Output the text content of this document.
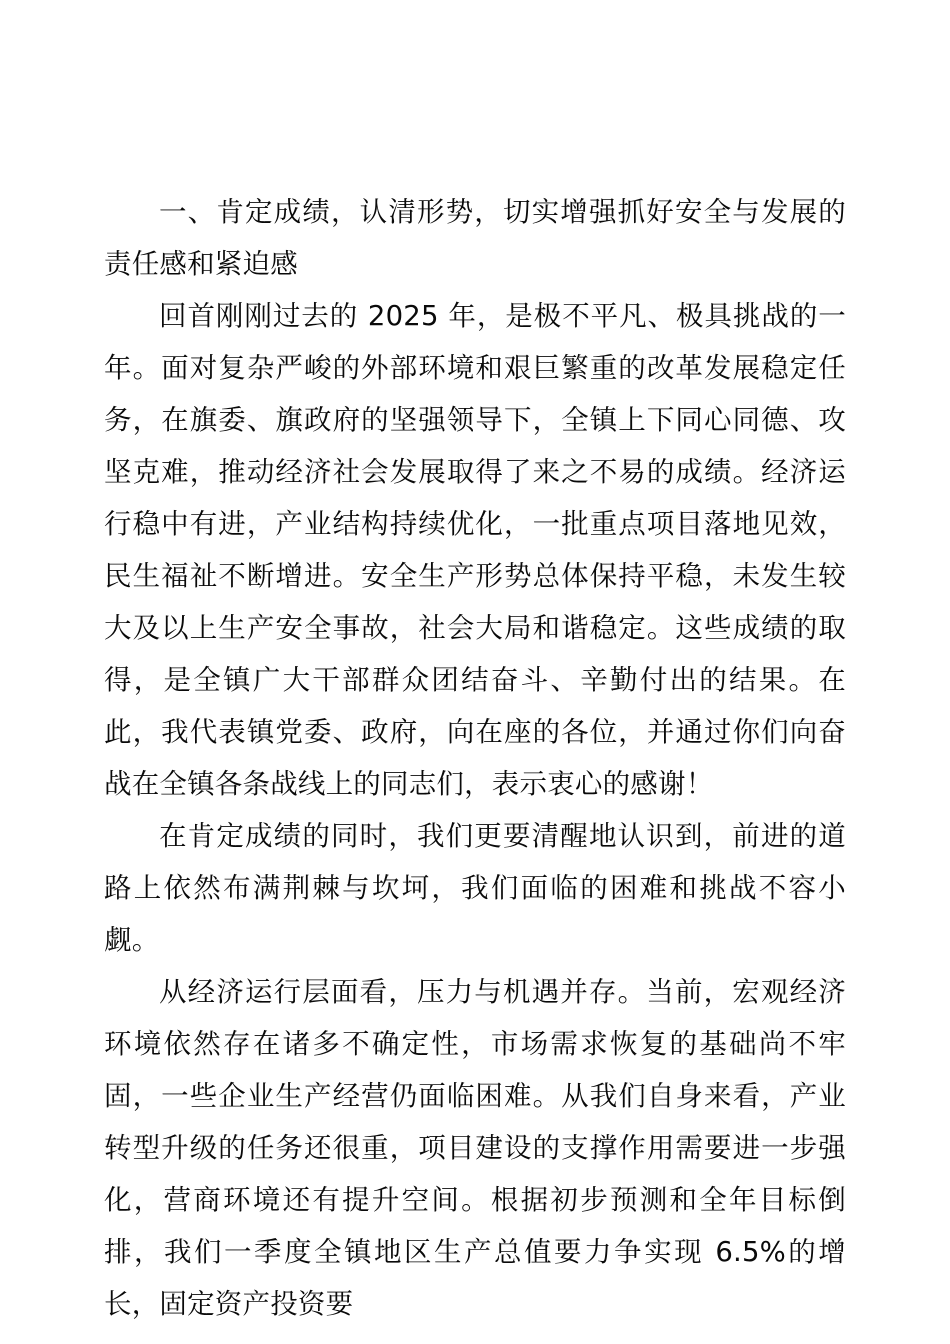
一、肯定成绩，认清形势，切实增强抓好安全与发展的责任感和紧迫感

回首刚刚过去的 2025 年，是极不平凡、极具挑战的一年。面对复杂严峻的外部环境和艰巨繁重的改革发展稳定任务，在旗委、旗政府的坚强领导下，全镇上下同心同德、攻坚克难，推动经济社会发展取得了来之不易的成绩。经济运行稳中有进，产业结构持续优化，一批重点项目落地见效，民生福祉不断增进。安全生产形势总体保持平稳，未发生较大及以上生产安全事故，社会大局和谐稳定。这些成绩的取得，是全镇广大干部群众团结奋斗、辛勤付出的结果。在此，我代表镇党委、政府，向在座的各位，并通过你们向奋战在全镇各条战线上的同志们，表示衷心的感谢！

在肯定成绩的同时，我们更要清醒地认识到，前进的道路上依然布满荆棘与坎坷，我们面临的困难和挑战不容小觑。

从经济运行层面看，压力与机遇并存。当前，宏观经济环境依然存在诸多不确定性，市场需求恢复的基础尚不牢固，一些企业生产经营仍面临困难。从我们自身来看，产业转型升级的任务还很重，项目建设的支撑作用需要进一步强化，营商环境还有提升空间。根据初步预测和全年目标倒排，我们一季度全镇地区生产总值要力争实现 6.5%的增长，固定资产投资要
